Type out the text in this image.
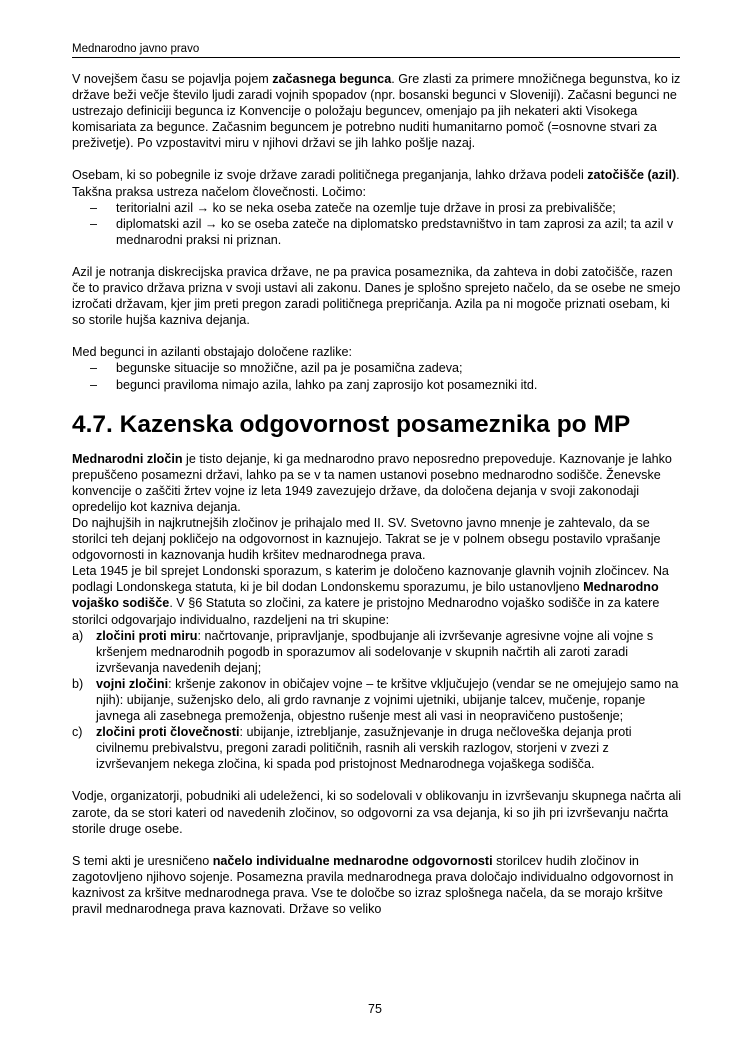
Mednarodno javno pravo

V novejšem času se pojavlja pojem začasnega begunca. Gre zlasti za primere množičnega begunstva, ko iz države beži večje število ljudi zaradi vojnih spopadov (npr. bosanski begunci v Sloveniji). Začasni begunci ne ustrezajo definiciji begunca iz Konvencije o položaju beguncev, omenjajo pa jih nekateri akti Visokega komisariata za begunce. Začasnim beguncem je potrebno nuditi humanitarno pomoč (=osnovne stvari za preživetje). Po vzpostavitvi miru v njihovi državi se jih lahko pošlje nazaj.

Osebam, ki so pobegnile iz svoje države zaradi političnega preganjanja, lahko država podeli zatočišče (azil). Takšna praksa ustreza načelom človečnosti. Ločimo:

– teritorialni azil → ko se neka oseba zateče na ozemlje tuje države in prosi za prebivališče;
– diplomatski azil → ko se oseba zateče na diplomatsko predstavništvo in tam zaprosi za azil; ta azil v mednarodni praksi ni priznan.

Azil je notranja diskrecijska pravica države, ne pa pravica posameznika, da zahteva in dobi zatočišče, razen če to pravico država prizna v svoji ustavi ali zakonu. Danes je splošno sprejeto načelo, da se osebe ne smejo izročati državam, kjer jim preti pregon zaradi političnega prepričanja. Azila pa ni mogoče priznati osebam, ki so storile hujša kazniva dejanja.

Med begunci in azilanti obstajajo določene razlike:

– begunske situacije so množične, azil pa je posamična zadeva;
– begunci praviloma nimajo azila, lahko pa zanj zaprosijo kot posamezniki itd.
4.7. Kazenska odgovornost posameznika po MP

Mednarodni zločin je tisto dejanje, ki ga mednarodno pravo neposredno prepoveduje. Kaznovanje je lahko prepuščeno posamezni državi, lahko pa se v ta namen ustanovi posebno mednarodno sodišče. Ženevske konvencije o zaščiti žrtev vojne iz leta 1949 zavezujejo države, da določena dejanja v svoji zakonodaji opredelijo kot kazniva dejanja.

Do najhujših in najkrutnejših zločinov je prihajalo med II. SV. Svetovno javno mnenje je zahtevalo, da se storilci teh dejanj pokličejo na odgovornost in kaznujejo. Takrat se je v polnem obsegu postavilo vprašanje odgovornosti in kaznovanja hudih kršitev mednarodnega prava.

Leta 1945 je bil sprejet Londonski sporazum, s katerim je določeno kaznovanje glavnih vojnih zločincev. Na podlagi Londonskega statuta, ki je bil dodan Londonskemu sporazumu, je bilo ustanovljeno Mednarodno vojaško sodišče. V §6 Statuta so zločini, za katere je pristojno Mednarodno vojaško sodišče in za katere storilci odgovarjajo individualno, razdeljeni na tri skupine:

a) zločini proti miru: načrtovanje, pripravljanje, spodbujanje ali izvrševanje agresivne vojne ali vojne s kršenjem mednarodnih pogodb in sporazumov ali sodelovanje v skupnih načrtih ali zaroti zaradi izvrševanja navedenih dejanj;
b) vojni zločini: kršenje zakonov in običajev vojne – te kršitve vključujejo (vendar se ne omejujejo samo na njih): ubijanje, suženjsko delo, ali grdo ravnanje z vojnimi ujetniki, ubijanje talcev, mučenje, ropanje javnega ali zasebnega premoženja, objestno rušenje mest ali vasi in neopravičeno pustošenje;
c) zločini proti človečnosti: ubijanje, iztrebljanje, zasužnjevanje in druga nečloveška dejanja proti civilnemu prebivalstvu, pregoni zaradi političnih, rasnih ali verskih razlogov, storjeni v zvezi z izvrševanjem nekega zločina, ki spada pod pristojnost Mednarodnega vojaškega sodišča.

Vodje, organizatorji, pobudniki ali udeleženci, ki so sodelovali v oblikovanju in izvrševanju skupnega načrta ali zarote, da se stori kateri od navedenih zločinov, so odgovorni za vsa dejanja, ki so jih pri izvrševanju načrta storile druge osebe.

S temi akti je uresničeno načelo individualne mednarodne odgovornosti storilcev hudih zločinov in zagotovljeno njihovo sojenje. Posamezna pravila mednarodnega prava določajo individualno odgovornost in kaznivost za kršitve mednarodnega prava. Vse te določbe so izraz splošnega načela, da se morajo kršitve pravil mednarodnega prava kaznovati. Države so veliko

75
